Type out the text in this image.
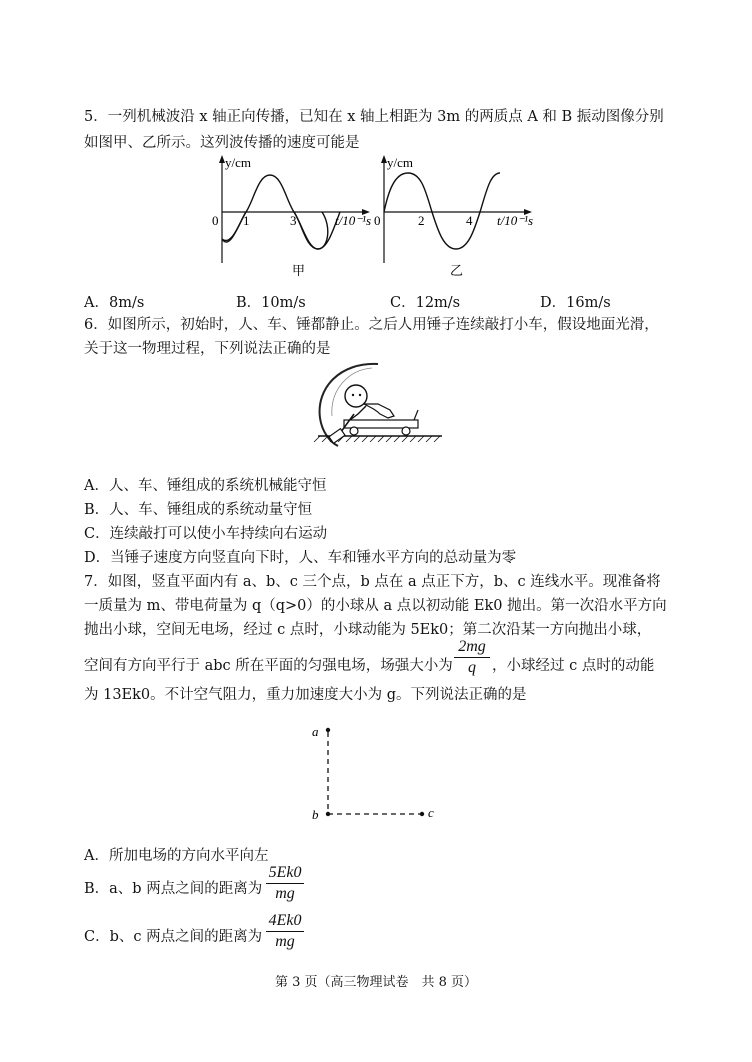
5．一列机械波沿 x 轴正向传播，已知在 x 轴上相距为 3m 的两质点 A 和 B 振动图像分别
如图甲、乙所示。这列波传播的速度可能是
y/cm
0 1	3	t/10⁻¹s
甲
y/cm
0	2	4 t/10⁻¹s
乙
A．8m/s	B．10m/s	C．12m/s	D．16m/s
6．如图所示，初始时，人、车、锤都静止。之后人用锤子连续敲打小车，假设地面光滑，
关于这一物理过程，下列说法正确的是
A．人、车、锤组成的系统机械能守恒
B．人、车、锤组成的系统动量守恒
C．连续敲打可以使小车持续向右运动
D．当锤子速度方向竖直向下时，人、车和锤水平方向的总动量为零
7．如图，竖直平面内有 a、b、c 三个点，b 点在 a 点正下方，b、c 连线水平。现准备将
一质量为 m、带电荷量为 q（q>0）的小球从 a 点以初动能 Ek0 抛出。第一次沿水平方向
抛出小球，空间无电场，经过 c 点时，小球动能为 5Ek0；第二次沿某一方向抛出小球，
空间有方向平行于 abc 所在平面的匀强电场，场强大小为
2mg
q	，小球经过 c 点时的动能
为 13Ek0。不计空气阻力，重力加速度大小为 g。下列说法正确的是
a
b	c
A．所加电场的方向水平向左
B．a、b 两点之间的距离为
5Ek0
mg
C．b、c 两点之间的距离为
4Ek0
mg
第 3 页（高三物理试卷　共 8 页）
